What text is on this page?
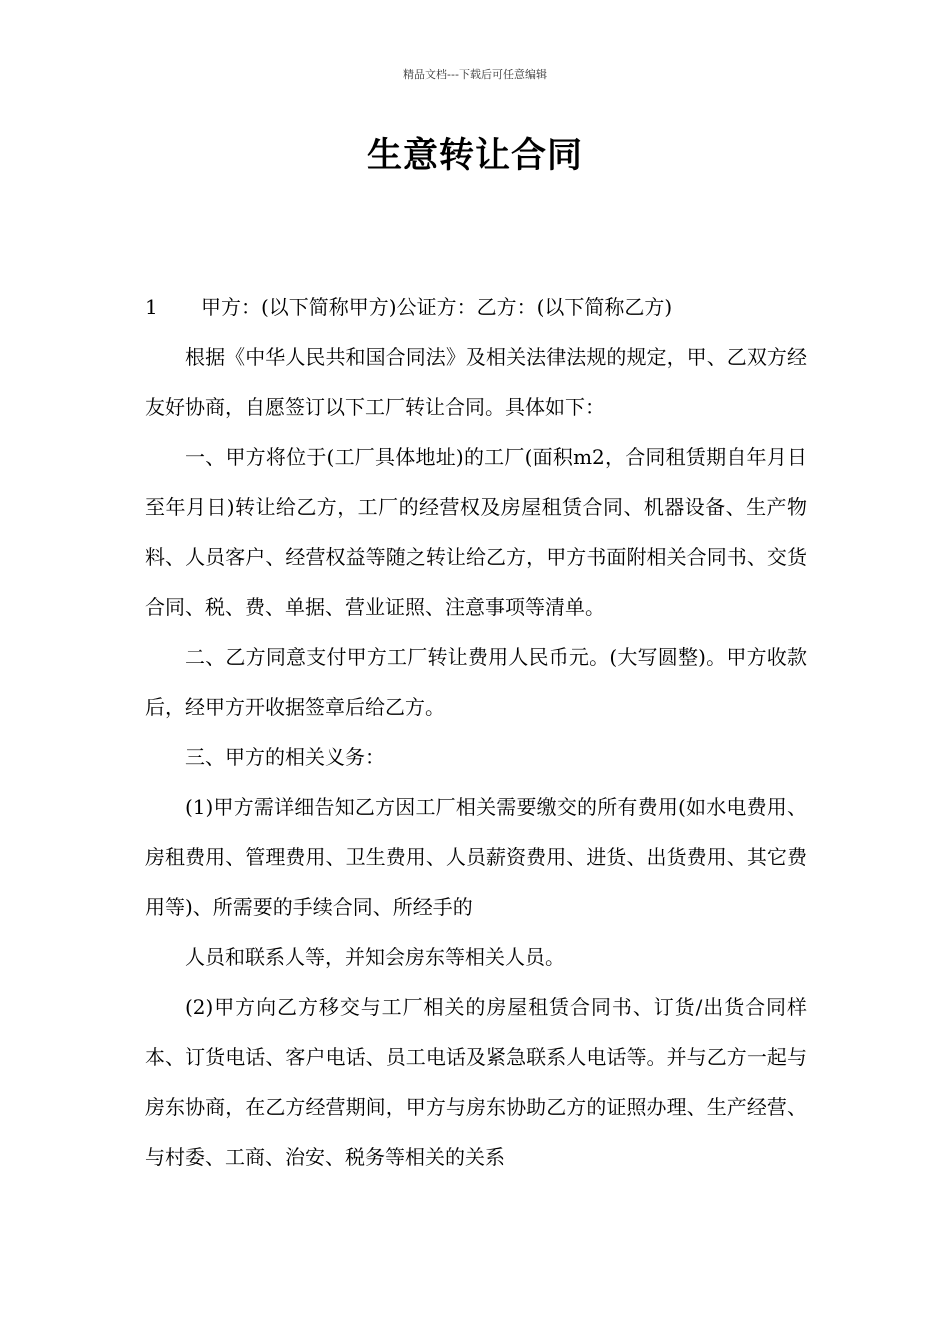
精品文档---下载后可任意编辑
生意转让合同

1 甲方：(以下简称甲方)公证方：乙方：(以下简称乙方)

根据《中华人民共和国合同法》及相关法律法规的规定，甲、乙双方经友好协商，自愿签订以下工厂转让合同。具体如下：

一、甲方将位于(工厂具体地址)的工厂(面积m2，合同租赁期自年月日至年月日)转让给乙方，工厂的经营权及房屋租赁合同、机器设备、生产物料、人员客户、经营权益等随之转让给乙方，甲方书面附相关合同书、交货合同、税、费、单据、营业证照、注意事项等清单。

二、乙方同意支付甲方工厂转让费用人民币元。(大写圆整)。甲方收款后，经甲方开收据签章后给乙方。

三、甲方的相关义务：

(1)甲方需详细告知乙方因工厂相关需要缴交的所有费用(如水电费用、房租费用、管理费用、卫生费用、人员薪资费用、进货、出货费用、其它费用等)、所需要的手续合同、所经手的

人员和联系人等，并知会房东等相关人员。

(2)甲方向乙方移交与工厂相关的房屋租赁合同书、订货/出货合同样本、订货电话、客户电话、员工电话及紧急联系人电话等。并与乙方一起与房东协商，在乙方经营期间，甲方与房东协助乙方的证照办理、生产经营、与村委、工商、治安、税务等相关的关系
